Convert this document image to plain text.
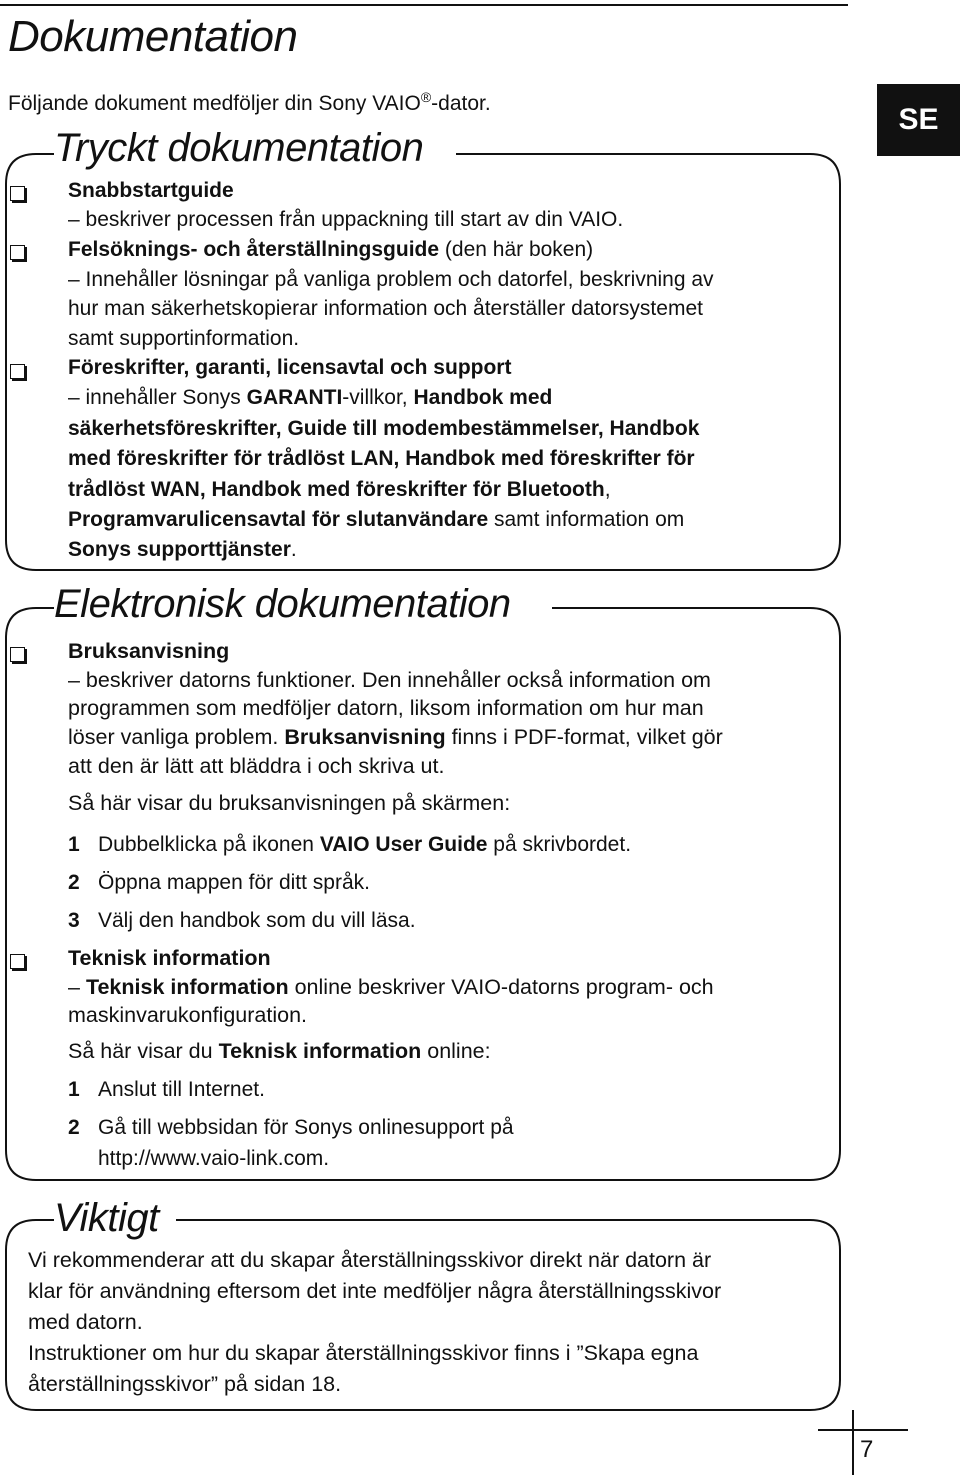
Dokumentation
Följande dokument medföljer din Sony VAIO®-dator.	SE
Tryckt dokumentation
Snabbstartguide
– beskriver processen från uppackning till start av din VAIO.
Felsöknings- och återställningsguide (den här boken)
– Innehåller lösningar på vanliga problem och datorfel, beskrivning av
hur man säkerhetskopierar information och återställer datorsystemet
samt supportinformation.
Föreskrifter, garanti, licensavtal och support
– innehåller Sonys GARANTI-villkor, Handbok med
säkerhetsföreskrifter, Guide till modembestämmelser, Handbok
med föreskrifter för trådlöst LAN, Handbok med föreskrifter för
trådlöst WAN, Handbok med föreskrifter för Bluetooth,
Programvarulicensavtal för slutanvändare samt information om
Sonys supporttjänster.
Elektronisk dokumentation
Bruksanvisning
– beskriver datorns funktioner. Den innehåller också information om
programmen som medföljer datorn, liksom information om hur man
löser vanliga problem. Bruksanvisning finns i PDF-format, vilket gör
att den är lätt att bläddra i och skriva ut.
Så här visar du bruksanvisningen på skärmen:
1 Dubbelklicka på ikonen VAIO User Guide på skrivbordet.
2 Öppna mappen för ditt språk.
3 Välj den handbok som du vill läsa.
Teknisk information
– Teknisk information online beskriver VAIO-datorns program- och
maskinvarukonfiguration.
Så här visar du Teknisk information online:
1 Anslut till Internet.
2 Gå till webbsidan för Sonys onlinesupport på
http://www.vaio-link.com.
Viktigt
Vi rekommenderar att du skapar återställningsskivor direkt när datorn är
klar för användning eftersom det inte medföljer några återställningsskivor
med datorn.
Instruktioner om hur du skapar återställningsskivor finns i ”Skapa egna
återställningsskivor” på sidan 18.
7
